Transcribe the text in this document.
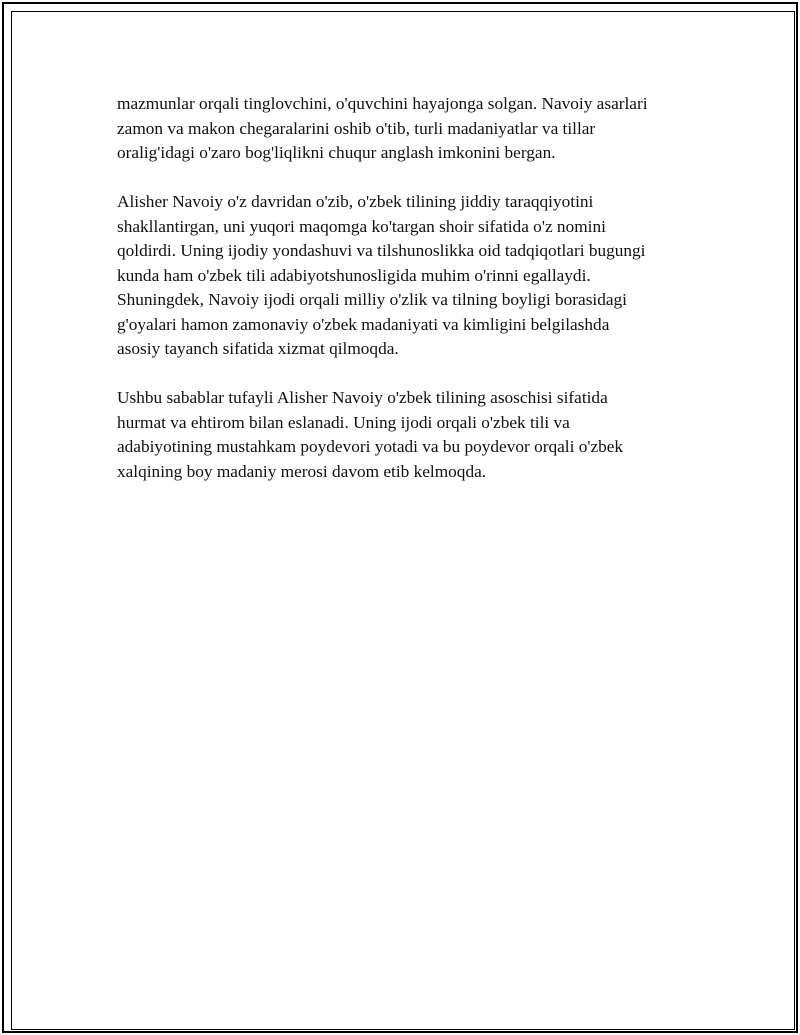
mazmunlar orqali tinglovchini, o'quvchini hayajonga solgan. Navoiy asarlari
zamon va makon chegaralarini oshib o'tib, turli madaniyatlar va tillar
oralig'idagi o'zaro bog'liqlikni chuqur anglash imkonini bergan.

Alisher Navoiy o'z davridan o'zib, o'zbek tilining jiddiy taraqqiyotini
shakllantirgan, uni yuqori maqomga ko'targan shoir sifatida o'z nomini
qoldirdi. Uning ijodiy yondashuvi va tilshunoslikka oid tadqiqotlari bugungi
kunda ham o'zbek tili adabiyotshunosligida muhim o'rinni egallaydi.
Shuningdek, Navoiy ijodi orqali milliy o'zlik va tilning boyligi borasidagi
g'oyalari hamon zamonaviy o'zbek madaniyati va kimligini belgilashda
asosiy tayanch sifatida xizmat qilmoqda.

Ushbu sabablar tufayli Alisher Navoiy o'zbek tilining asoschisi sifatida
hurmat va ehtirom bilan eslanadi. Uning ijodi orqali o'zbek tili va
adabiyotining mustahkam poydevori yotadi va bu poydevor orqali o'zbek
xalqining boy madaniy merosi davom etib kelmoqda.
